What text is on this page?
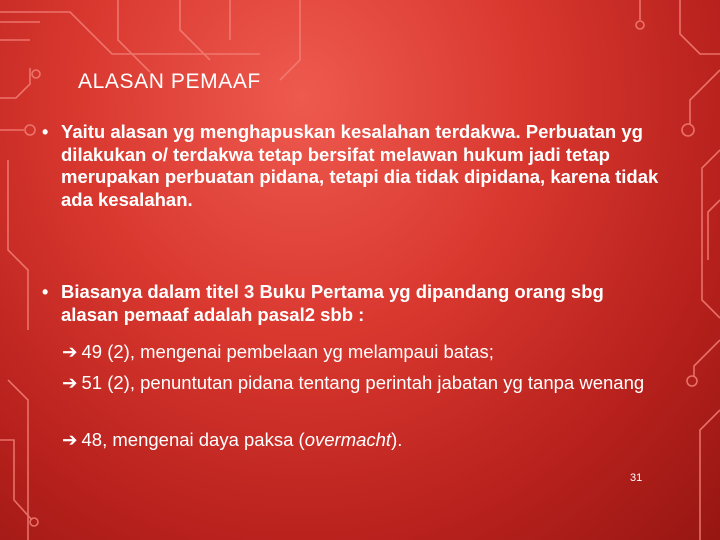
ALASAN PEMAAF
• Yaitu alasan yg menghapuskan kesalahan terdakwa. Perbuatan yg dilakukan o/ terdakwa tetap bersifat melawan hukum jadi tetap merupakan perbuatan pidana, tetapi dia tidak dipidana, karena tidak ada kesalahan.
• Biasanya dalam titel 3 Buku Pertama yg dipandang orang sbg alasan pemaaf adalah pasal2 sbb :
➔ 49 (2), mengenai pembelaan yg melampaui batas;
➔ 51 (2), penuntutan pidana tentang perintah jabatan yg tanpa wenang
➔ 48, mengenai daya paksa (overmacht).
31
